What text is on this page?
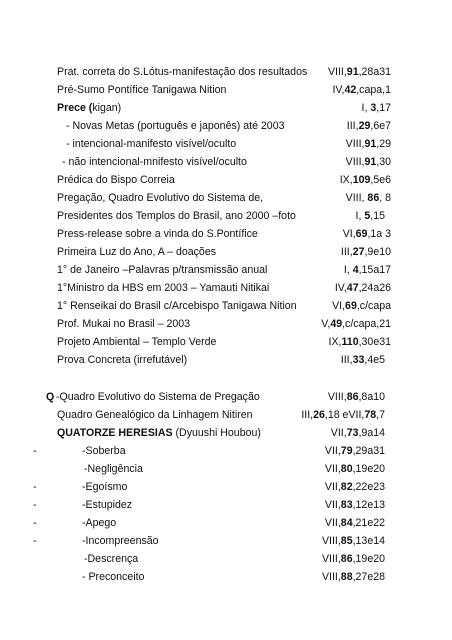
Prat. correta do S.Lótus-manifestação dos resultados VIII,91,28a31
Pré-Sumo Pontífice Tanigawa Nition	IV,42,capa,1
Prece (kigan)	I, 3,17
- Novas Metas (português e japonês) até 2003	III,29,6e7
- intencional-manifesto visível/oculto	VIII,91,29
- não intencional-mnifesto visível/oculto	VIII,91,30
Prédica do Bispo Correia	IX,109,5e6
Pregação, Quadro Evolutivo do Sistema de,	VIII, 86, 8
Presidentes dos Templos do Brasil, ano 2000 –foto	I, 5,15
Press-release sobre a vinda do S.Pontífice	VI,69,1a 3
Primeira Luz do Ano, A – doações	III,27,9e10
1° de Janeiro –Palavras p/transmissão anual	I, 4,15a17
1°Ministro da HBS em 2003 – Yamauti Nitikai	IV,47,24a26
1° Renseikai do Brasil c/Arcebispo Tanigawa Nition	VI,69,c/capa
Prof. Mukai no Brasil – 2003	V,49,c/capa,21
Projeto Ambiental – Templo Verde	IX,110,30e31
Prova Concreta (irrefutável)	III,33,4e5
Q -Quadro Evolutivo do Sistema de Pregação	VIII,86,8a10
Quadro Genealógico da Linhagem Nitiren	III,26,18 eVII,78,7
QUATORZE HERESIAS (Dyuushi Houbou)	VII,73,9a14
-	-Soberba	VII,79,29a31
-Negligência	VII,80,19e20
-	-Egoísmo	VII,82,22e23
-	-Estupidez	VII,83,12e13
-	-Apego	VII,84,21e22
-	-Incompreensão	VIII,85,13e14
-Descrença	VIII,86,19e20
- Preconceito	VIII,88,27e28
